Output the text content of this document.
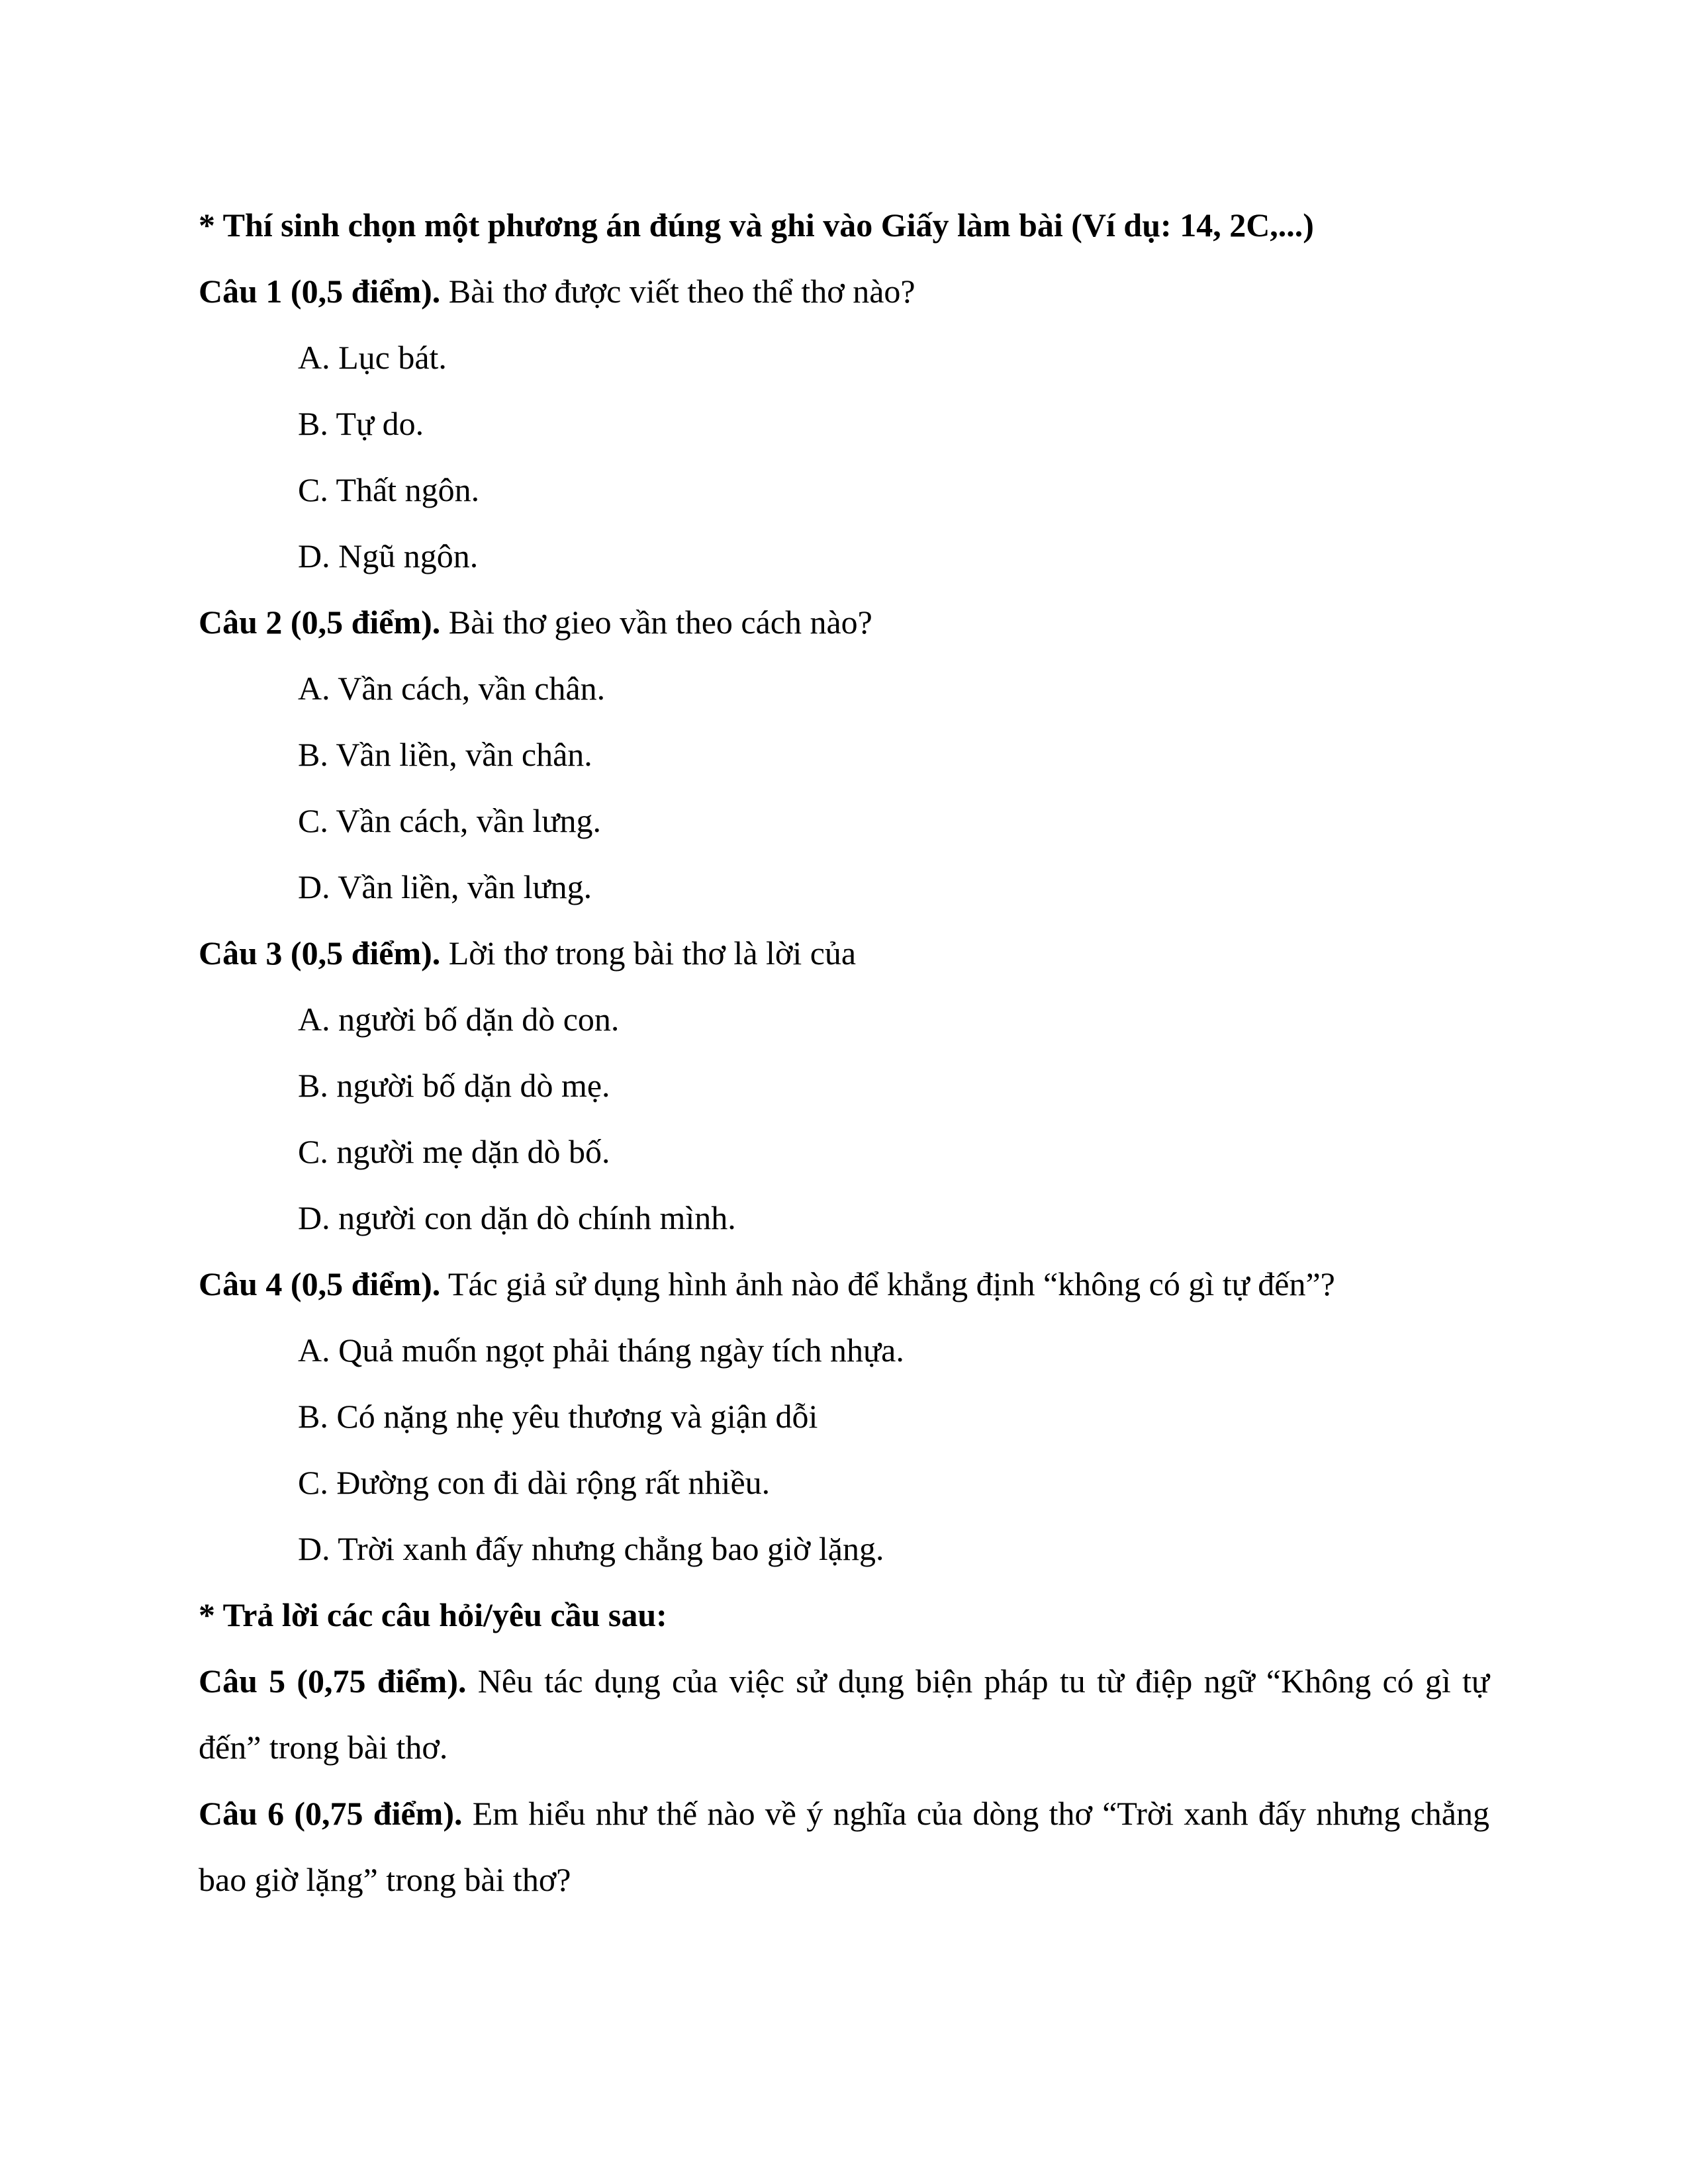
* Thí sinh chọn một phương án đúng và ghi vào Giấy làm bài (Ví dụ: 14, 2C,...)

Câu 1 (0,5 điểm). Bài thơ được viết theo thể thơ nào?

A. Lục bát.

B. Tự do.

C. Thất ngôn.

D. Ngũ ngôn.

Câu 2 (0,5 điểm). Bài thơ gieo vần theo cách nào?

A. Vần cách, vần chân.

B. Vần liền, vần chân.

C. Vần cách, vần lưng.

D. Vần liền, vần lưng.

Câu 3 (0,5 điểm). Lời thơ trong bài thơ là lời của

A. người bố dặn dò con.

B. người bố dặn dò mẹ.

C. người mẹ dặn dò bố.

D. người con dặn dò chính mình.

Câu 4 (0,5 điểm). Tác giả sử dụng hình ảnh nào để khẳng định “không có gì tự đến”?

A. Quả muốn ngọt phải tháng ngày tích nhựa.

B. Có nặng nhẹ yêu thương và giận dỗi

C. Đường con đi dài rộng rất nhiều.

D. Trời xanh đấy nhưng chẳng bao giờ lặng.

* Trả lời các câu hỏi/yêu cầu sau:

Câu 5 (0,75 điểm). Nêu tác dụng của việc sử dụng biện pháp tu từ điệp ngữ “Không có gì tự đến” trong bài thơ.

Câu 6 (0,75 điểm). Em hiểu như thế nào về ý nghĩa của dòng thơ “Trời xanh đấy nhưng chẳng bao giờ lặng” trong bài thơ?
